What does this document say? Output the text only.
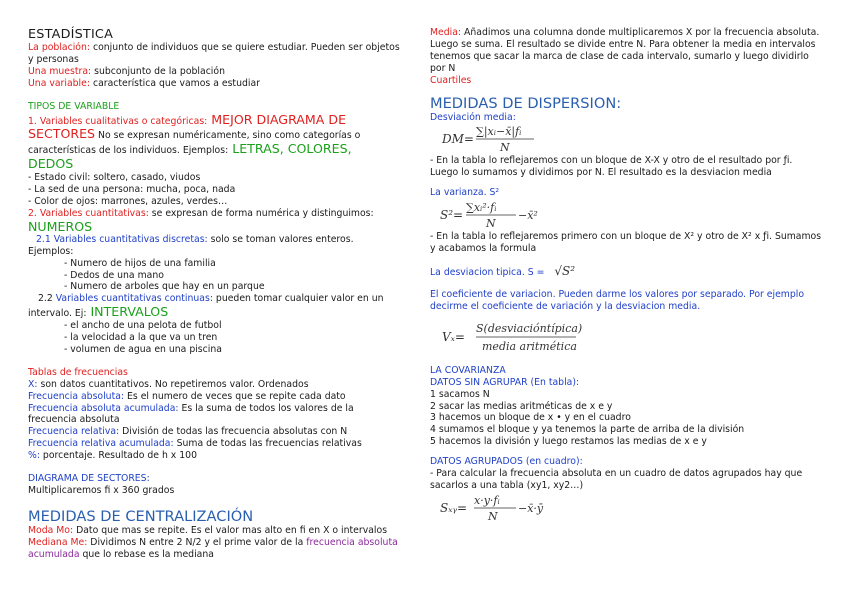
ESTADÍSTICA

La población: conjunto de individuos que se quiere estudiar. Pueden ser objetos y personas

Una muestra: subconjunto de la población

Una variable: característica que vamos a estudiar

TIPOS DE VARIABLE

1. Variables cualitativas o categóricas: MEJOR DIAGRAMA DE SECTORES No se expresan numéricamente, sino como categorías o características de los individuos. Ejemplos: LETRAS, COLORES, DEDOS

- Estado civil: soltero, casado, viudos

- La sed de una persona: mucha, poca, nada

- Color de ojos: marrones, azules, verdes…

2. Variables cuantitativas: se expresan de forma numérica y distinguimos:

NUMEROS

2.1 Variables cuantitativas discretas: solo se toman valores enteros.

Ejemplos:

- Numero de hijos de una familia

- Dedos de una mano

- Numero de arboles que hay en un parque

2.2 Variables cuantitativas continuas: pueden tomar cualquier valor en un intervalo. Ej: INTERVALOS

- el ancho de una pelota de futbol

- la velocidad a la que va un tren

- volumen de agua en una piscina

Tablas de frecuencias

X: son datos cuantitativos. No repetiremos valor. Ordenados

Frecuencia absoluta: Es el numero de veces que se repite cada dato

Frecuencia absoluta acumulada: Es la suma de todos los valores de la frecuencia absoluta

Frecuencia relativa: División de todas las frecuencia absolutas con N

Frecuencia relativa acumulada: Suma de todas las frecuencias relativas

%: porcentaje. Resultado de h x 100

DIAGRAMA DE SECTORES:

Multiplicaremos fi x 360 grados

MEDIDAS DE CENTRALIZACIÓN

Moda Mo: Dato que mas se repite. Es el valor mas alto en fi en X o intervalos

Mediana Me: Dividimos N entre 2 N/2 y el prime valor de la frecuencia absoluta acumulada que lo rebase es la mediana

Media: Añadimos una columna donde multiplicaremos X por la frecuencia absoluta. Luego se suma. El resultado se divide entre N. Para obtener la media en intervalos tenemos que sacar la marca de clase de cada intervalo, sumarlo y luego dividirlo por N

Cuartiles

MEDIDAS DE DISPERSION:

Desviación media:

DM=
∑|xᵢ−x̄|fᵢ
N

- En la tabla lo reflejaremos con un bloque de X-X y otro de el resultado por ƒi. Luego lo sumamos y dividimos por N. El resultado es la desviacion media

La varianza. S²

S²=
∑xᵢ²·fᵢ
N
−x̄²

- En la tabla lo reflejaremos primero con un bloque de X² y otro de X² x ƒi. Sumamos y acabamos la formula

La desviacion tipica. S = √S²

El coeficiente de variacion. Pueden darme los valores por separado. Por ejemplo decirme el coeficiente de variación y la desviacion media.

Vₓ=
S(desviacióntípica)
media aritmética

LA COVARIANZA

DATOS SIN AGRUPAR (En tabla):

1 sacamos N

2 sacar las medias aritméticas de x e y

3 hacemos un bloque de x • y en el cuadro

4 sumamos el bloque y ya tenemos la parte de arriba de la división

5 hacemos la división y luego restamos las medias de x e y

DATOS AGRUPADOS (en cuadro):

- Para calcular la frecuencia absoluta en un cuadro de datos agrupados hay que sacarlos a una tabla (xy1, xy2…)

Sₓᵧ=
x·y·fᵢ
N
−x̄·ȳ
